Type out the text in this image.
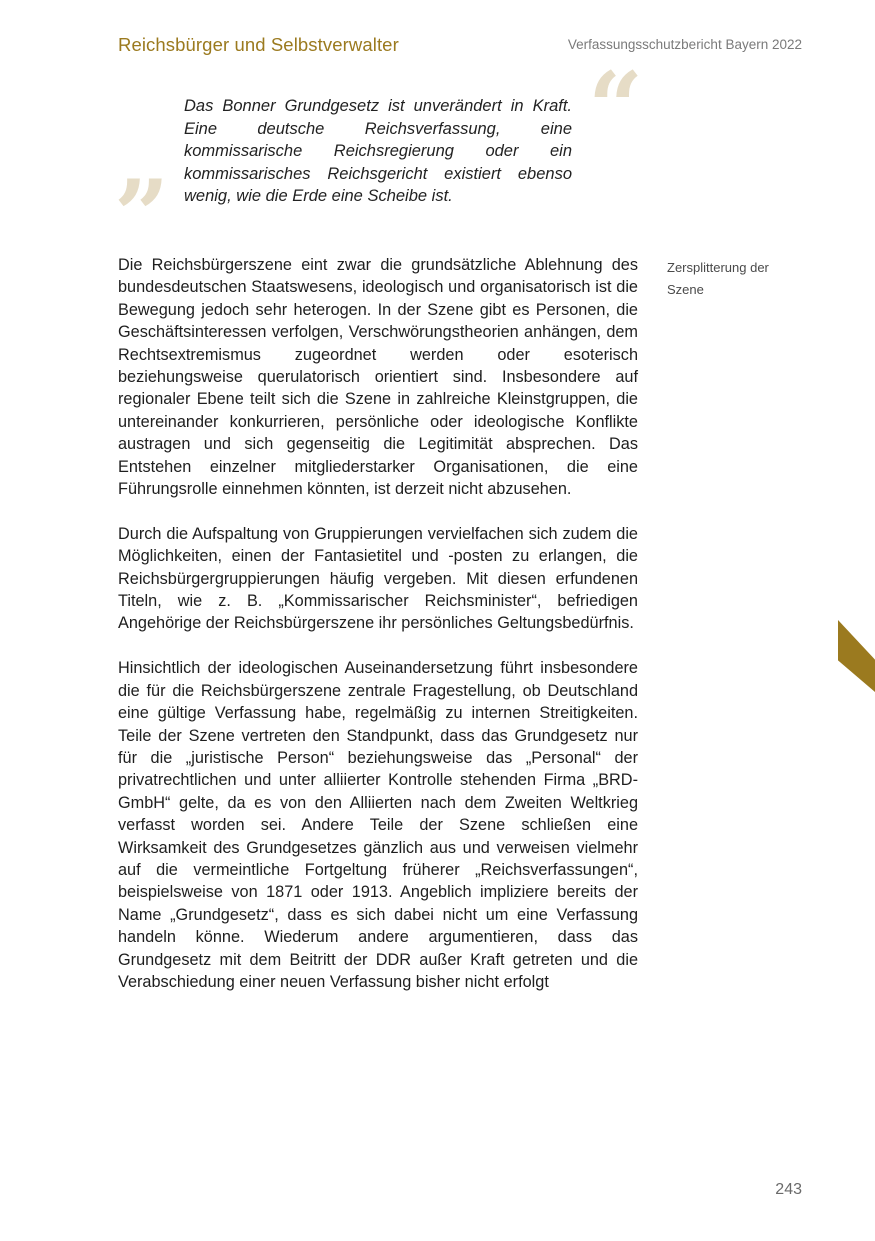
Reichsbürger und Selbstverwalter	Verfassungsschutzbericht Bayern 2022
“
”

Das Bonner Grundgesetz ist unverändert in Kraft. Eine deutsche Reichsverfassung, eine kommissarische Reichsregierung oder ein kommissarisches Reichsgericht existiert ebenso wenig, wie die Erde eine Scheibe ist.

Zersplitterung der Szene

Die Reichsbürgerszene eint zwar die grundsätzliche Ablehnung des bundesdeutschen Staatswesens, ideologisch und organisatorisch ist die Bewegung jedoch sehr heterogen. In der Szene gibt es Personen, die Geschäftsinteressen verfolgen, Verschwörungstheorien anhängen, dem Rechtsextremismus zugeordnet werden oder esoterisch beziehungsweise querulatorisch orientiert sind. Insbesondere auf regionaler Ebene teilt sich die Szene in zahlreiche Kleinstgruppen, die untereinander konkurrieren, persönliche oder ideologische Konflikte austragen und sich gegenseitig die Legitimität absprechen. Das Entstehen einzelner mitgliederstarker Organisationen, die eine Führungsrolle einnehmen könnten, ist derzeit nicht abzusehen.

Durch die Aufspaltung von Gruppierungen vervielfachen sich zudem die Möglichkeiten, einen der Fantasietitel und -posten zu erlangen, die Reichsbürgergruppierungen häufig vergeben. Mit diesen erfundenen Titeln, wie z. B. „Kommissarischer Reichsminister“, befriedigen Angehörige der Reichsbürgerszene ihr persönliches Geltungsbedürfnis.

Hinsichtlich der ideologischen Auseinandersetzung führt insbesondere die für die Reichsbürgerszene zentrale Fragestellung, ob Deutschland eine gültige Verfassung habe, regelmäßig zu internen Streitigkeiten. Teile der Szene vertreten den Standpunkt, dass das Grundgesetz nur für die „juristische Person“ beziehungsweise das „Personal“ der privatrechtlichen und unter alliierter Kontrolle stehenden Firma „BRD-GmbH“ gelte, da es von den Alliierten nach dem Zweiten Weltkrieg verfasst worden sei. Andere Teile der Szene schließen eine Wirksamkeit des Grundgesetzes gänzlich aus und verweisen vielmehr auf die vermeintliche Fortgeltung früherer „Reichsverfassungen“, beispielsweise von 1871 oder 1913. Angeblich impliziere bereits der Name „Grundgesetz“, dass es sich dabei nicht um eine Verfassung handeln könne. Wiederum andere argumentieren, dass das Grundgesetz mit dem Beitritt der DDR außer Kraft getreten und die Verabschiedung einer neuen Verfassung bisher nicht erfolgt

243
